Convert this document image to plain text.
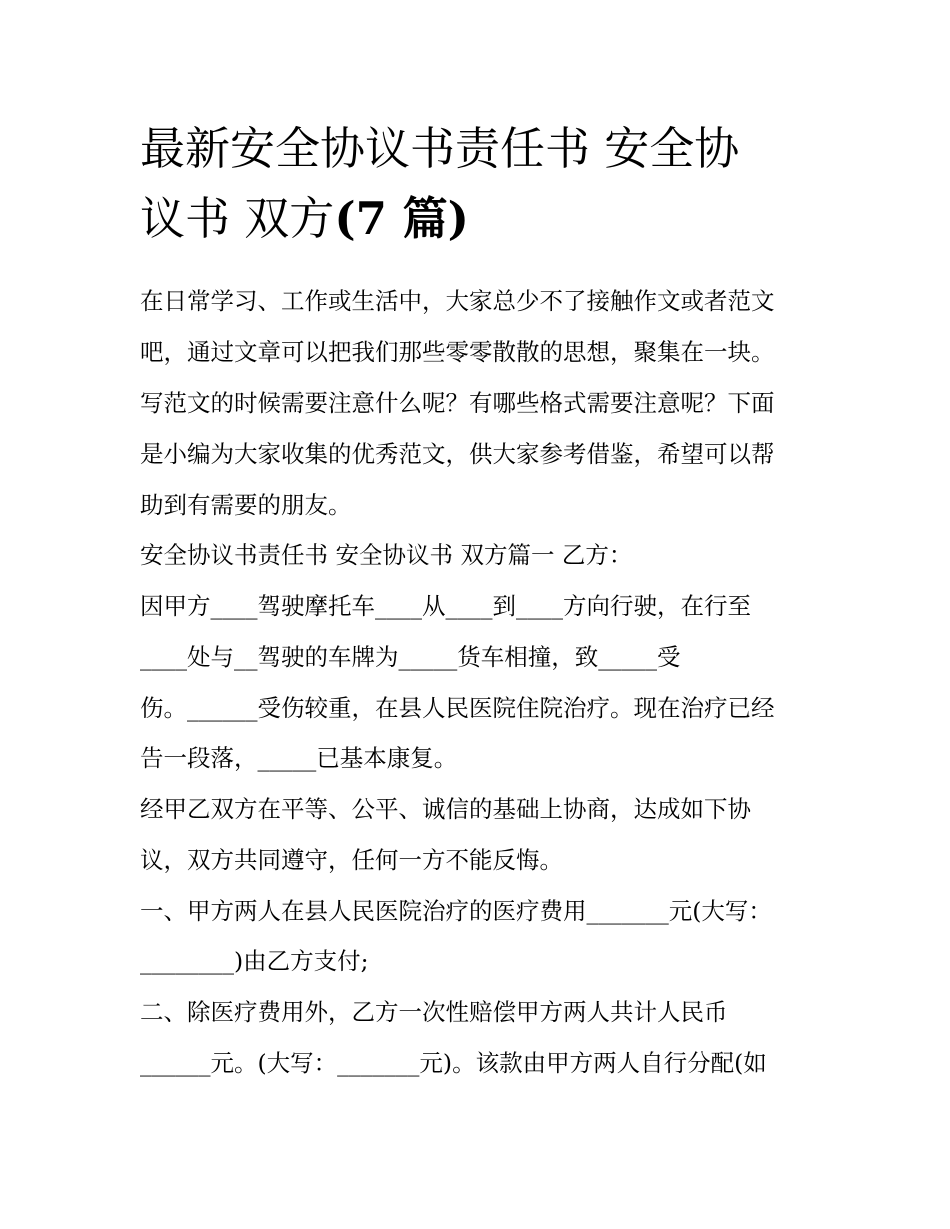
最新安全协议书责任书 安全协
议书 双方(7 篇)

在日常学习、工作或生活中，大家总少不了接触作文或者范文

吧，通过文章可以把我们那些零零散散的思想，聚集在一块。

写范文的时候需要注意什么呢？有哪些格式需要注意呢？下面

是小编为大家收集的优秀范文，供大家参考借鉴，希望可以帮

助到有需要的朋友。

安全协议书责任书 安全协议书 双方篇一 乙方：

因甲方____驾驶摩托车____从____到____方向行驶，在行至

____处与__驾驶的车牌为_____货车相撞，致_____受

伤。______受伤较重，在县人民医院住院治疗。现在治疗已经

告一段落，_____已基本康复。

经甲乙双方在平等、公平、诚信的基础上协商，达成如下协

议，双方共同遵守，任何一方不能反悔。

一、甲方两人在县人民医院治疗的医疗费用_______元(大写：

________)由乙方支付;

二、除医疗费用外，乙方一次性赔偿甲方两人共计人民币

______元。(大写：_______元)。该款由甲方两人自行分配(如
